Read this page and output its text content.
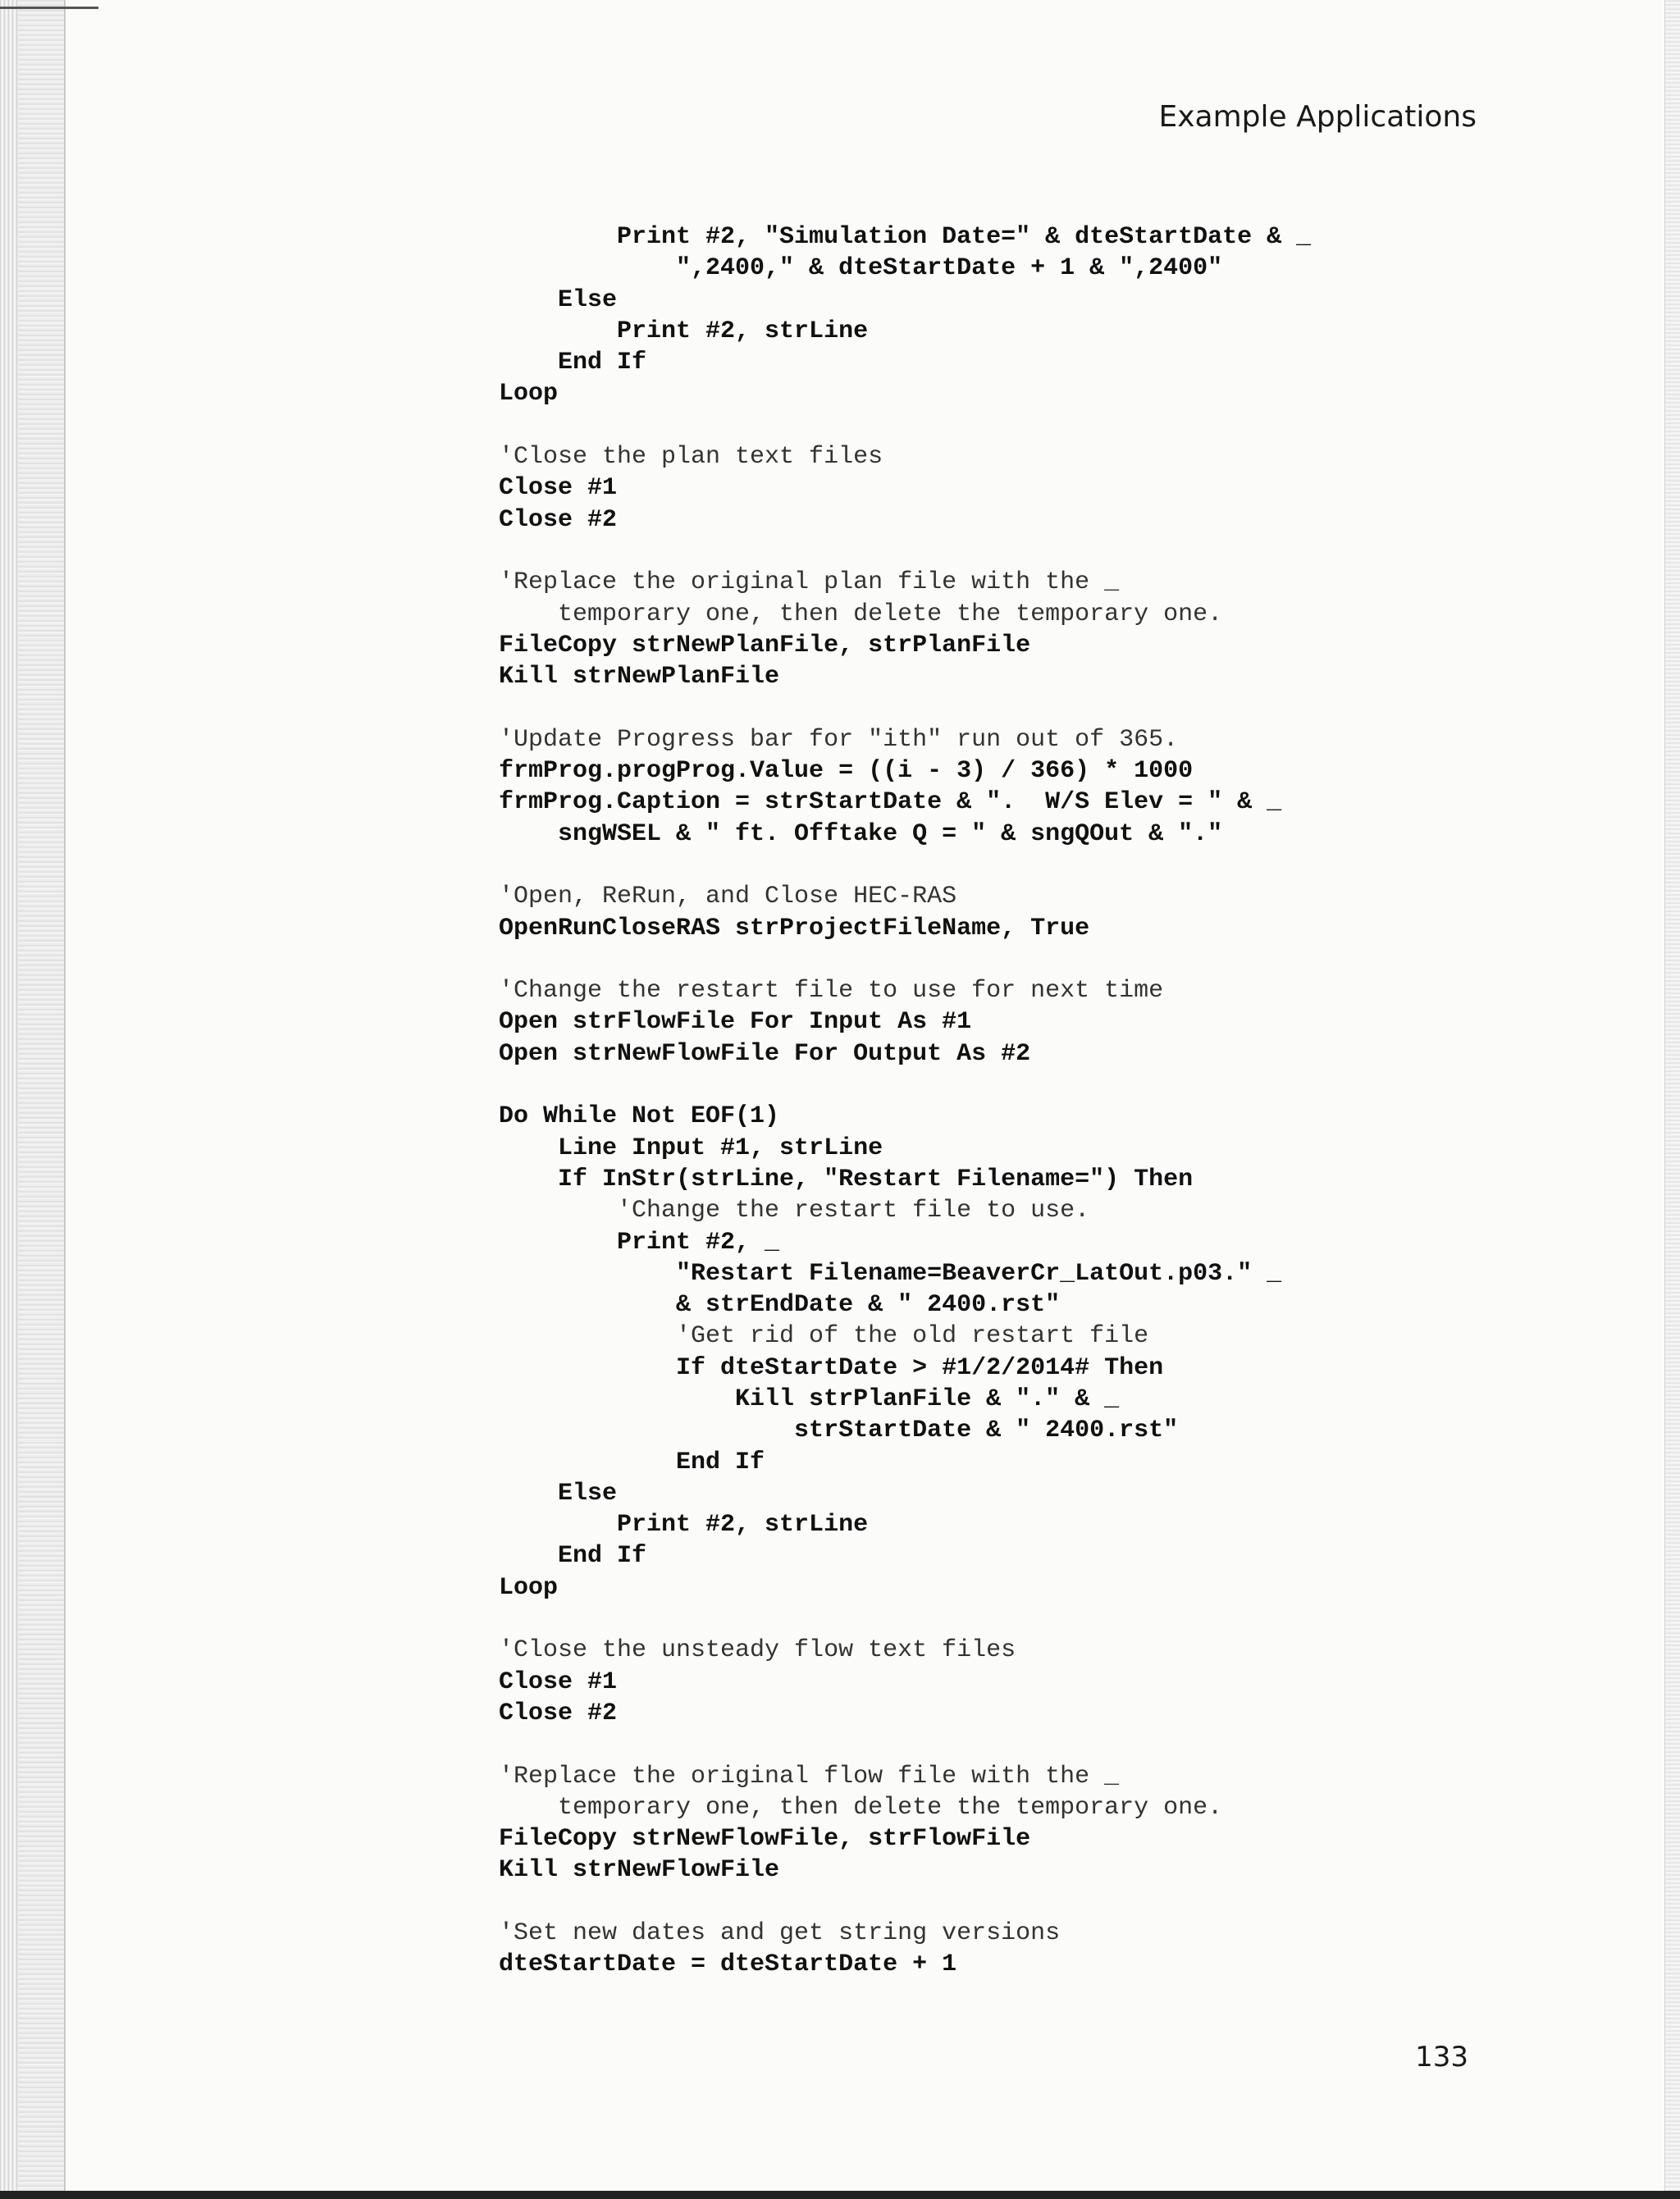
Example Applications
Print #2, "Simulation Date=" & dteStartDate & _
",2400," & dteStartDate + 1 & ",2400"
Else
Print #2, strLine
End If
Loop
'Close the plan text files
Close #1
Close #2
'Replace the original plan file with the _
temporary one, then delete the temporary one.
FileCopy strNewPlanFile, strPlanFile
Kill strNewPlanFile
'Update Progress bar for "ith" run out of 365.
frmProg.progProg.Value = ((i - 3) / 366) * 1000
frmProg.Caption = strStartDate & ".  W/S Elev = " & _
sngWSEL & " ft. Offtake Q = " & sngQOut & "."
'Open, ReRun, and Close HEC-RAS
OpenRunCloseRAS strProjectFileName, True
'Change the restart file to use for next time
Open strFlowFile For Input As #1
Open strNewFlowFile For Output As #2
Do While Not EOF(1)
Line Input #1, strLine
If InStr(strLine, "Restart Filename=") Then
'Change the restart file to use.
Print #2, _
"Restart Filename=BeaverCr_LatOut.p03." _
& strEndDate & " 2400.rst"
'Get rid of the old restart file
If dteStartDate > #1/2/2014# Then
Kill strPlanFile & "." & _
strStartDate & " 2400.rst"
End If
Else
Print #2, strLine
End If
Loop
'Close the unsteady flow text files
Close #1
Close #2
'Replace the original flow file with the _
temporary one, then delete the temporary one.
FileCopy strNewFlowFile, strFlowFile
Kill strNewFlowFile
'Set new dates and get string versions
dteStartDate = dteStartDate + 1
133
